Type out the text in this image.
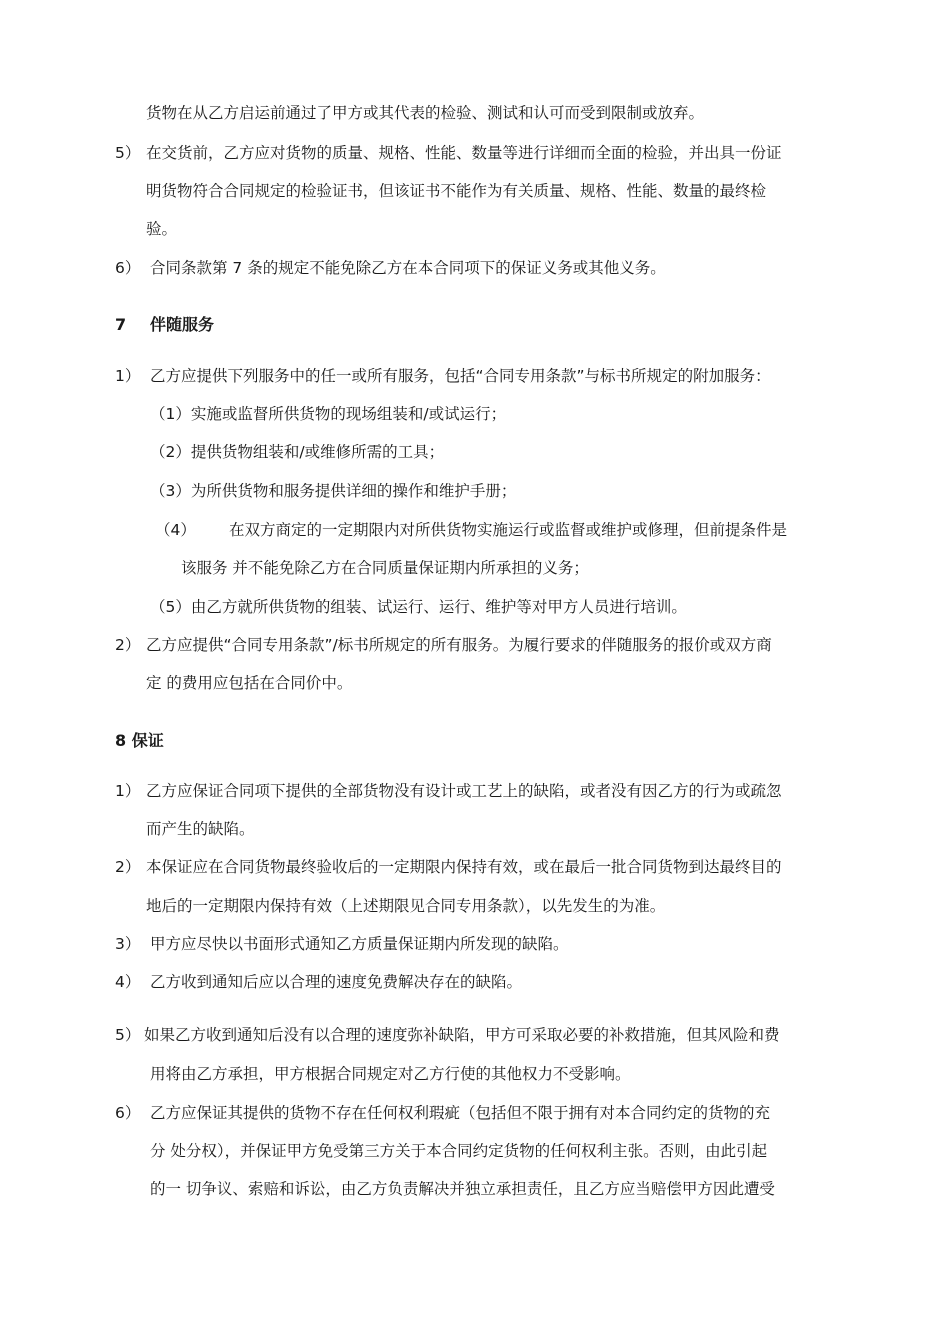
货物在从乙方启运前通过了甲方或其代表的检验、测试和认可而受到限制或放弃。
5） 在交货前，乙方应对货物的质量、规格、性能、数量等进行详细而全面的检验，并出具一份证
明货物符合合同规定的检验证书，但该证书不能作为有关质量、规格、性能、数量的最终检
验。
6） 合同条款第 7 条的规定不能免除乙方在本合同项下的保证义务或其他义务。
7 伴随服务
1） 乙方应提供下列服务中的任一或所有服务，包括“合同专用条款”与标书所规定的附加服务：
（1）实施或监督所供货物的现场组装和/或试运行；
（2）提供货物组装和/或维修所需的工具；
（3）为所供货物和服务提供详细的操作和维护手册；
（4） 在双方商定的一定期限内对所供货物实施运行或监督或维护或修理，但前提条件是
该服务 并不能免除乙方在合同质量保证期内所承担的义务；
（5）由乙方就所供货物的组装、试运行、运行、维护等对甲方人员进行培训。
2） 乙方应提供“合同专用条款”/标书所规定的所有服务。为履行要求的伴随服务的报价或双方商
定 的费用应包括在合同价中。
8 保证
1） 乙方应保证合同项下提供的全部货物没有设计或工艺上的缺陷，或者没有因乙方的行为或疏忽
而产生的缺陷。
2） 本保证应在合同货物最终验收后的一定期限内保持有效，或在最后一批合同货物到达最终目的
地后的一定期限内保持有效（上述期限见合同专用条款），以先发生的为准。
3） 甲方应尽快以书面形式通知乙方质量保证期内所发现的缺陷。
4） 乙方收到通知后应以合理的速度免费解决存在的缺陷。
5） 如果乙方收到通知后没有以合理的速度弥补缺陷，甲方可采取必要的补救措施，但其风险和费
用将由乙方承担，甲方根据合同规定对乙方行使的其他权力不受影响。
6） 乙方应保证其提供的货物不存在任何权利瑕疵（包括但不限于拥有对本合同约定的货物的充
分 处分权），并保证甲方免受第三方关于本合同约定货物的任何权利主张。否则，由此引起
的一 切争议、索赔和诉讼，由乙方负责解决并独立承担责任，且乙方应当赔偿甲方因此遭受
